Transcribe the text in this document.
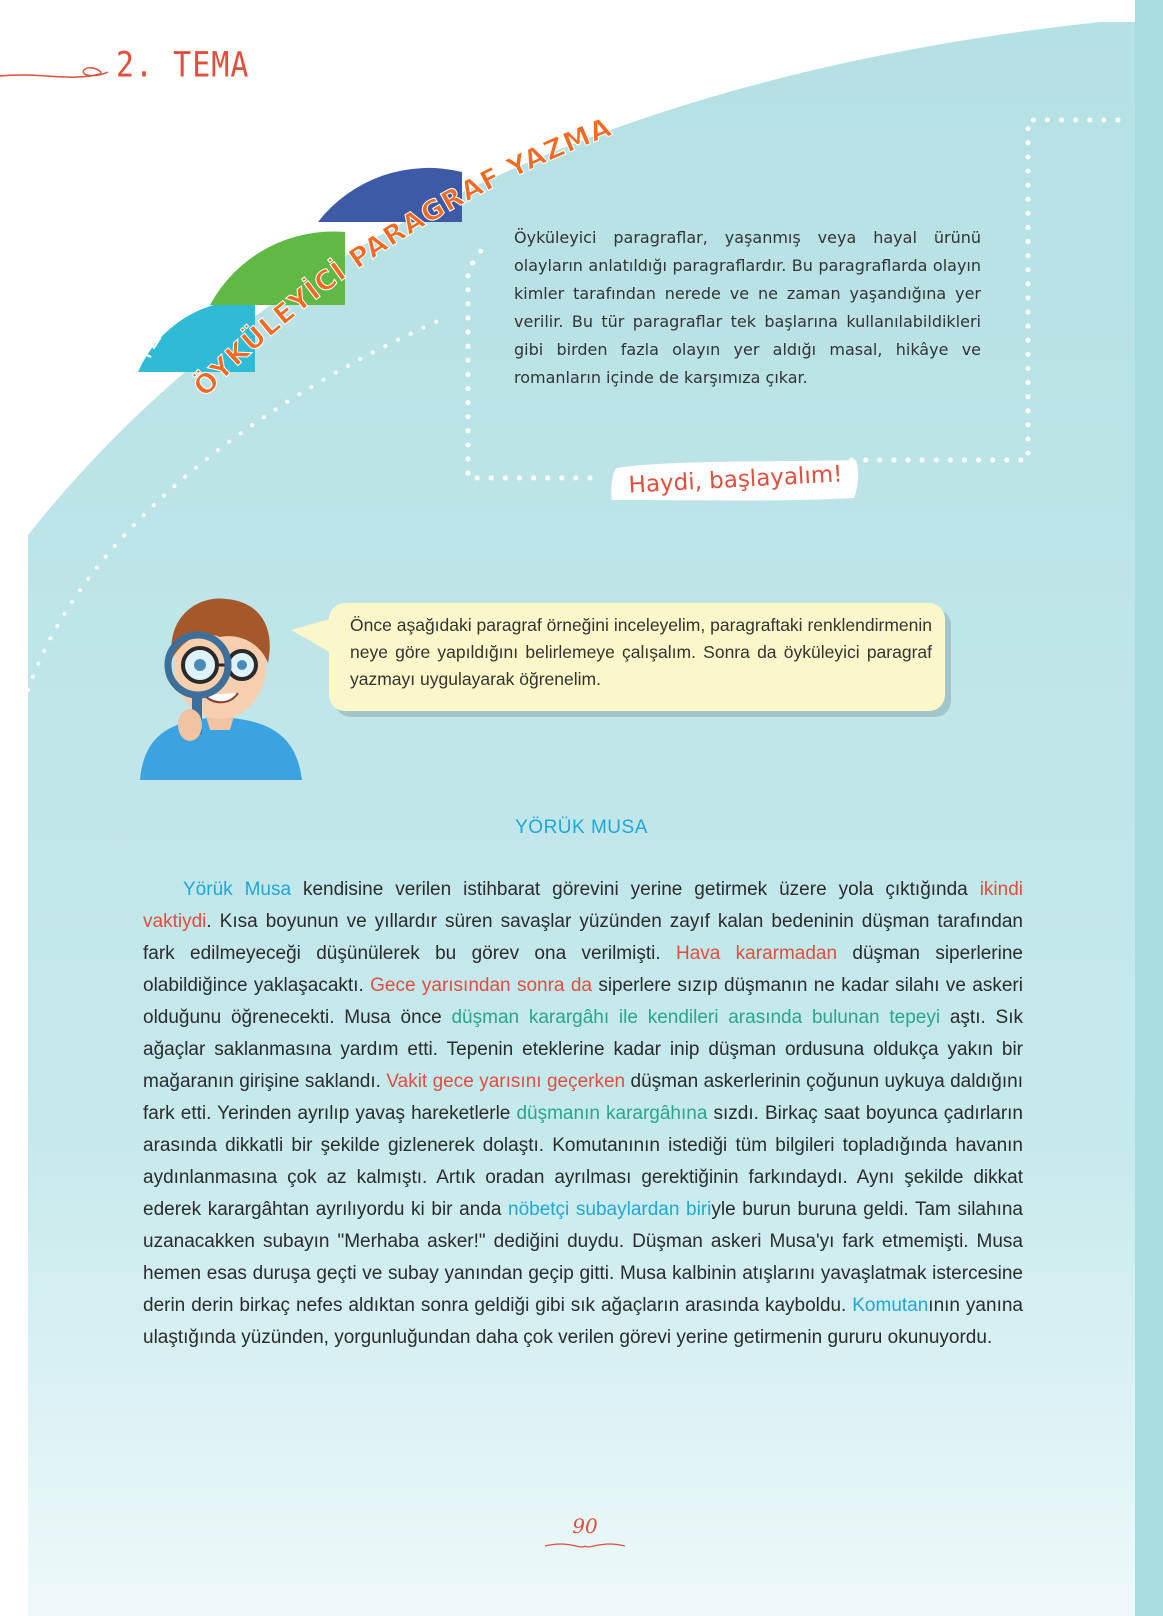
2. TEMA
İZLE
UYGULA
ÖĞREN
ÖYKÜLEYİCİ PARAGRAF YAZMA
Öyküleyici paragraflar, yaşanmış veya hayal ürünü olayların anlatıldığı paragraflardır. Bu paragraflarda olayın kimler tarafından nerede ve ne zaman yaşandığına yer verilir. Bu tür paragraflar tek başlarına kullanılabildikleri gibi birden fazla olayın yer aldığı masal, hikâye ve romanların içinde de karşımıza çıkar.
Haydi, başlayalım!
Önce aşağıdaki paragraf örneğini inceleyelim, paragraftaki renklendirmenin neye göre yapıldığını belirlemeye çalışalım. Sonra da öyküleyici paragraf yazmayı uygulayarak öğrenelim.
YÖRÜK MUSA

Yörük Musa kendisine verilen istihbarat görevini yerine getirmek üzere yola çıktığında ikindi vaktiydi. Kısa boyunun ve yıllardır süren savaşlar yüzünden zayıf kalan bedeninin düşman tarafından fark edilmeyeceği düşünülerek bu görev ona verilmişti. Hava kararmadan düşman siperlerine olabildiğince yaklaşacaktı. Gece yarısından sonra da siperlere sızıp düşmanın ne kadar silahı ve askeri olduğunu öğrenecekti. Musa önce düşman karargâhı ile kendileri arasında bulunan tepeyi aştı. Sık ağaçlar saklanmasına yardım etti. Tepenin eteklerine kadar inip düşman ordusuna oldukça yakın bir mağaranın girişine saklandı. Vakit gece yarısını geçerken düşman askerlerinin çoğunun uykuya daldığını fark etti. Yerinden ayrılıp yavaş hareketlerle düşmanın karargâhına sızdı. Birkaç saat boyunca çadırların arasında dikkatli bir şekilde gizlenerek dolaştı. Komutanının istediği tüm bilgileri topladığında havanın aydınlanmasına çok az kalmıştı. Artık oradan ayrılması gerektiğinin farkındaydı. Aynı şekilde dikkat ederek karargâhtan ayrılıyordu ki bir anda nöbetçi subaylardan biriyle burun buruna geldi. Tam silahına uzanacakken subayın "Merhaba asker!" dediğini duydu. Düşman askeri Musa'yı fark etmemişti. Musa hemen esas duruşa geçti ve subay yanından geçip gitti. Musa kalbinin atışlarını yavaşlatmak istercesine derin derin birkaç nefes aldıktan sonra geldiği gibi sık ağaçların arasında kayboldu. Komutanının yanına ulaştığında yüzünden, yorgunluğundan daha çok verilen görevi yerine getirmenin gururu okunuyordu.

90
